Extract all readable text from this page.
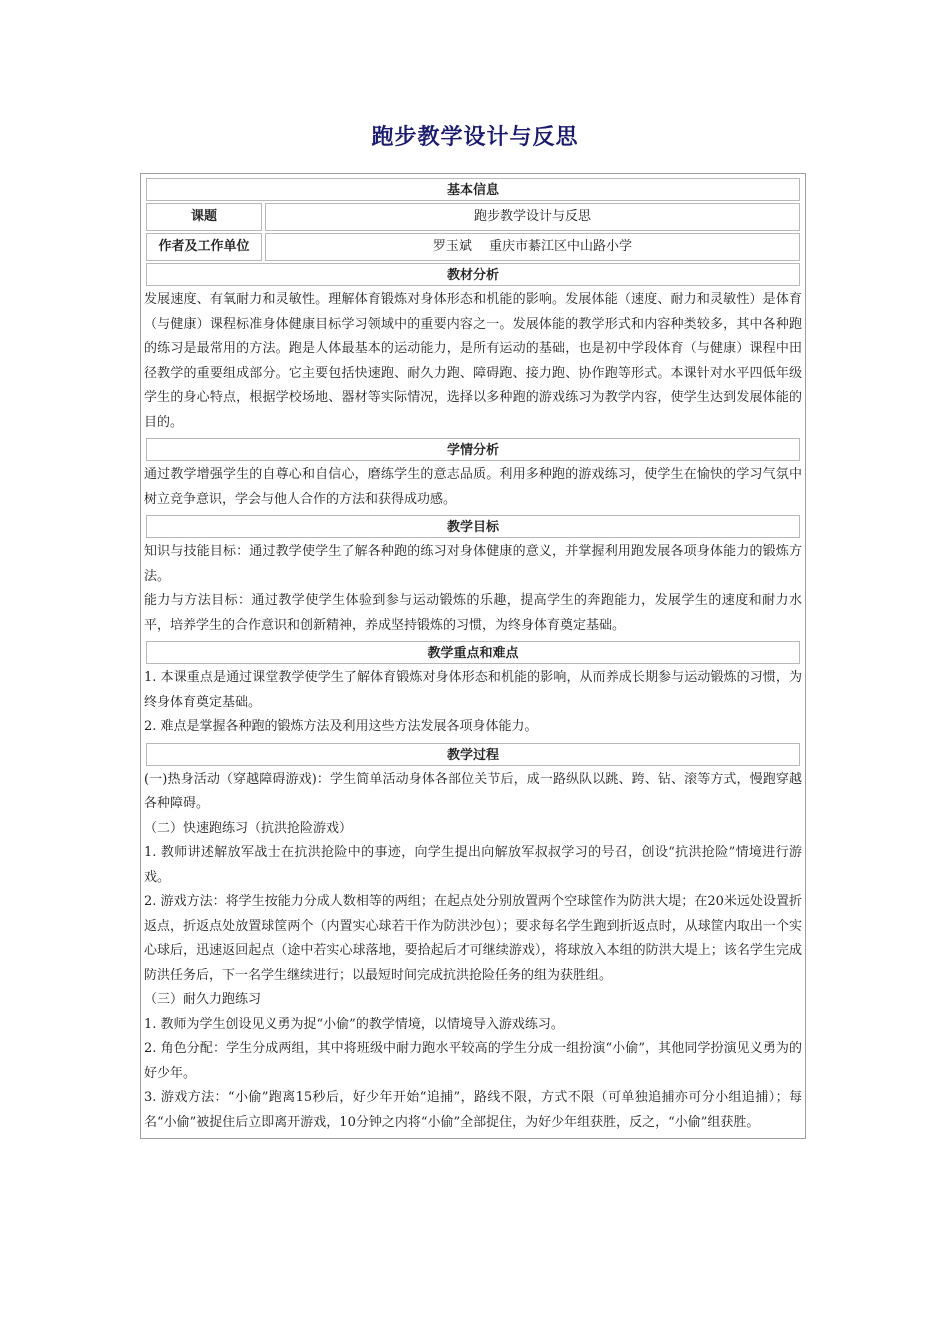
跑步教学设计与反思
基本信息
课题	跑步教学设计与反思
作者及工作单位	罗玉斌　 重庆市綦江区中山路小学
教材分析

发展速度、有氧耐力和灵敏性。理解体育锻炼对身体形态和机能的影响。发展体能（速度、耐力和灵敏性）是体育（与健康）课程标准身体健康目标学习领域中的重要内容之一。发展体能的教学形式和内容种类较多，其中各种跑的练习是最常用的方法。跑是人体最基本的运动能力，是所有运动的基础，也是初中学段体育（与健康）课程中田径教学的重要组成部分。它主要包括快速跑、耐久力跑、障碍跑、接力跑、协作跑等形式。本课针对水平四低年级学生的身心特点，根据学校场地、器材等实际情况，选择以多种跑的游戏练习为教学内容，使学生达到发展体能的目的。

学情分析

通过教学增强学生的自尊心和自信心，磨练学生的意志品质。利用多种跑的游戏练习，使学生在愉快的学习气氛中树立竞争意识，学会与他人合作的方法和获得成功感。

教学目标

知识与技能目标：通过教学使学生了解各种跑的练习对身体健康的意义，并掌握利用跑发展各项身体能力的锻炼方法。

能力与方法目标：通过教学使学生体验到参与运动锻炼的乐趣，提高学生的奔跑能力，发展学生的速度和耐力水平，培养学生的合作意识和创新精神，养成坚持锻炼的习惯，为终身体育奠定基础。

教学重点和难点

1. 本课重点是通过课堂教学使学生了解体育锻炼对身体形态和机能的影响，从而养成长期参与运动锻炼的习惯，为终身体育奠定基础。

2. 难点是掌握各种跑的锻炼方法及利用这些方法发展各项身体能力。

教学过程

(一)热身活动（穿越障碍游戏)：学生简单活动身体各部位关节后，成一路纵队以跳、跨、钻、滚等方式，慢跑穿越各种障碍。

（二）快速跑练习（抗洪抢险游戏）

1. 教师讲述解放军战士在抗洪抢险中的事迹，向学生提出向解放军叔叔学习的号召，创设“抗洪抢险”情境进行游戏。

2. 游戏方法：将学生按能力分成人数相等的两组；在起点处分别放置两个空球筐作为防洪大堤；在20米远处设置折返点，折返点处放置球筐两个（内置实心球若干作为防洪沙包）；要求每名学生跑到折返点时，从球筐内取出一个实心球后，迅速返回起点（途中若实心球落地，要拾起后才可继续游戏），将球放入本组的防洪大堤上；该名学生完成防洪任务后，下一名学生继续进行；以最短时间完成抗洪抢险任务的组为获胜组。

（三）耐久力跑练习

1. 教师为学生创设见义勇为捉“小偷”的教学情境，以情境导入游戏练习。

2. 角色分配：学生分成两组，其中将班级中耐力跑水平较高的学生分成一组扮演“小偷”，其他同学扮演见义勇为的好少年。

3. 游戏方法：“小偷”跑离15秒后，好少年开始“追捕”，路线不限，方式不限（可单独追捕亦可分小组追捕）；每名“小偷”被捉住后立即离开游戏，10分钟之内将“小偷”全部捉住，为好少年组获胜，反之，“小偷”组获胜。
